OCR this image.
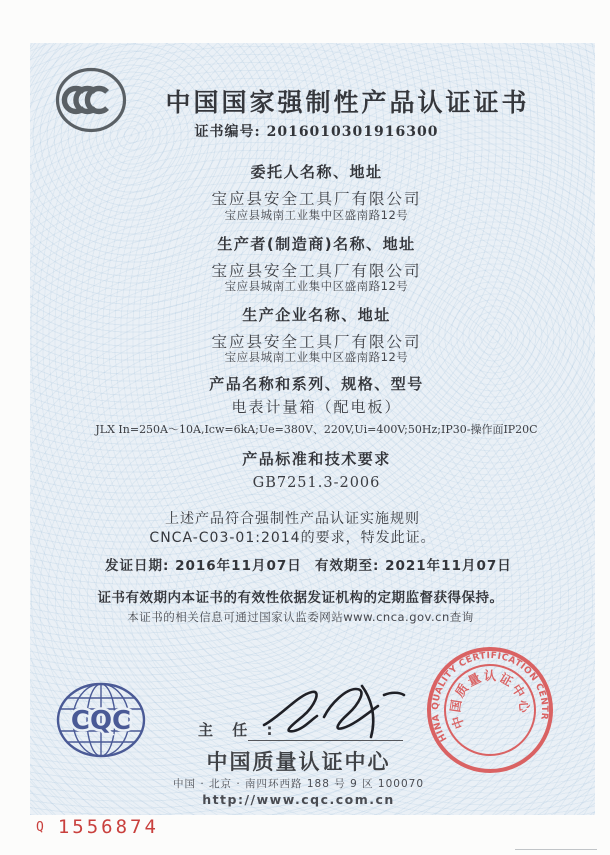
中国国家强制性产品认证证书
证书编号: 2016010301916300
委托人名称、地址
宝应县安全工具厂有限公司
宝应县城南工业集中区盛南路12号
生产者(制造商)名称、地址
宝应县安全工具厂有限公司
宝应县城南工业集中区盛南路12号
生产企业名称、地址
宝应县安全工具厂有限公司
宝应县城南工业集中区盛南路12号
产品名称和系列、规格、型号
电表计量箱（配电板）
JLX In=250A～10A,Icw=6kA;Ue=380V、220V,Ui=400V;50Hz;IP30-操作面IP20C
产品标准和技术要求
GB7251.3-2006
上述产品符合强制性产品认证实施规则
CNCA-C03-01:2014的要求，特发此证。
发证日期: 2016年11月07日 有效期至: 2021年11月07日
证书有效期内本证书的有效性依据发证机构的定期监督获得保持。
本证书的相关信息可通过国家认监委网站www.cnca.gov.cn查询
CQC	主 任 :
中国质量认证中心
中国 · 北京 · 南四环西路 188 号 9 区 100070
http://www.cqc.com.cn
CHINA QUALITY CERTIFICATION CENTRE
中国质量认证中心
Q 1556874
